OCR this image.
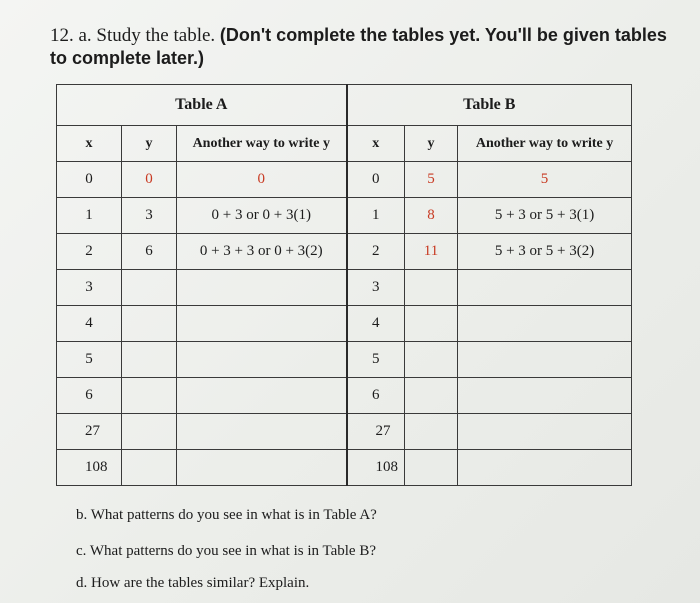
12. a. Study the table. (Don't complete the tables yet. You'll be given tables to complete later.)
Table A			Table B		
x	y	Another way to write y	x	y	Another way to write y
0	0	0	0	5	5
1	3	0 + 3 or 0 + 3(1)	1	8	5 + 3 or 5 + 3(1)
2	6	0 + 3 + 3 or 0 + 3(2)	2	11	5 + 3 or 5 + 3(2)
3			3		
4			4		
5			5		
6			6		
27			27		
108			108		
b. What patterns do you see in what is in Table A?
c. What patterns do you see in what is in Table B?
d. How are the tables similar? Explain.
